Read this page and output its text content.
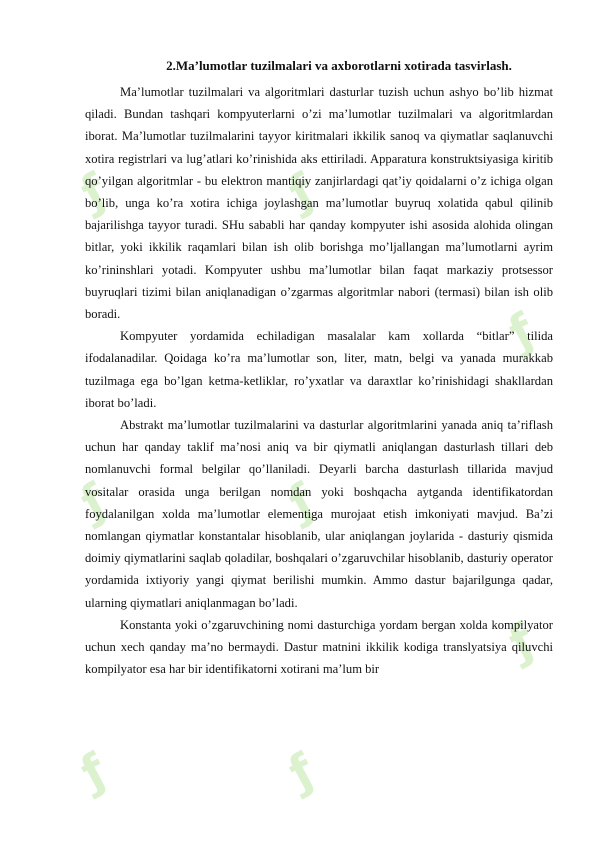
ƒ
ƒ
ƒ
ƒ
ƒ
ƒ
ƒ
ƒ
2.Ma’lumotlar tuzilmalari va axborotlarni xotirada tasvirlash.

Ma’lumotlar tuzilmalari va algoritmlari dasturlar tuzish uchun ashyo bo’lib hizmat qiladi. Bundan tashqari kompyuterlarni o’zi ma’lumotlar tuzilmalari va algoritmlardan iborat. Ma’lumotlar tuzilmalarini tayyor kiritmalari ikkilik sanoq va qiymatlar saqlanuvchi xotira registrlari va lug’atlari ko’rinishida aks ettiriladi. Apparatura konstruktsiyasiga kiritib qo’yilgan algoritmlar - bu elektron mantiqiy zanjirlardagi qat’iy qoidalarni o’z ichiga olgan bo’lib, unga ko’ra xotira ichiga joylashgan ma’lumotlar buyruq xolatida qabul qilinib bajarilishga tayyor turadi. SHu sababli har qanday kompyuter ishi asosida alohida olingan bitlar, yoki ikkilik raqamlari bilan ish olib borishga mo’ljallangan ma’lumotlarni ayrim ko’rininshlari yotadi. Kompyuter ushbu ma’lumotlar bilan faqat markaziy protsessor buyruqlari tizimi bilan aniqlanadigan o’zgarmas algoritmlar nabori (termasi) bilan ish olib boradi.

Kompyuter yordamida echiladigan masalalar kam xollarda “bitlar” tilida ifodalanadilar. Qoidaga ko’ra ma’lumotlar son, liter, matn, belgi va yanada murakkab tuzilmaga ega bo’lgan ketma-ketliklar, ro’yxatlar va daraxtlar ko’rinishidagi shakllardan iborat bo’ladi.

Abstrakt ma’lumotlar tuzilmalarini va dasturlar algoritmlarini yanada aniq ta’riflash uchun har qanday taklif ma’nosi aniq va bir qiymatli aniqlangan dasturlash tillari deb nomlanuvchi formal belgilar qo’llaniladi. Deyarli barcha dasturlash tillarida mavjud vositalar orasida unga berilgan nomdan yoki boshqacha aytganda identifikatordan foydalanilgan xolda ma’lumotlar elementiga murojaat etish imkoniyati mavjud. Ba’zi nomlangan qiymatlar konstantalar hisoblanib, ular aniqlangan joylarida - dasturiy qismida doimiy qiymatlarini saqlab qoladilar, boshqalari o’zgaruvchilar hisoblanib, dasturiy operator yordamida ixtiyoriy yangi qiymat berilishi mumkin. Ammo dastur bajarilgunga qadar, ularning qiymatlari aniqlanmagan bo’ladi.

Konstanta yoki o’zgaruvchining nomi dasturchiga yordam bergan xolda kompilyator uchun xech qanday ma’no bermaydi. Dastur matnini ikkilik kodiga translyatsiya qiluvchi kompilyator esa har bir identifikatorni xotirani ma’lum bir
